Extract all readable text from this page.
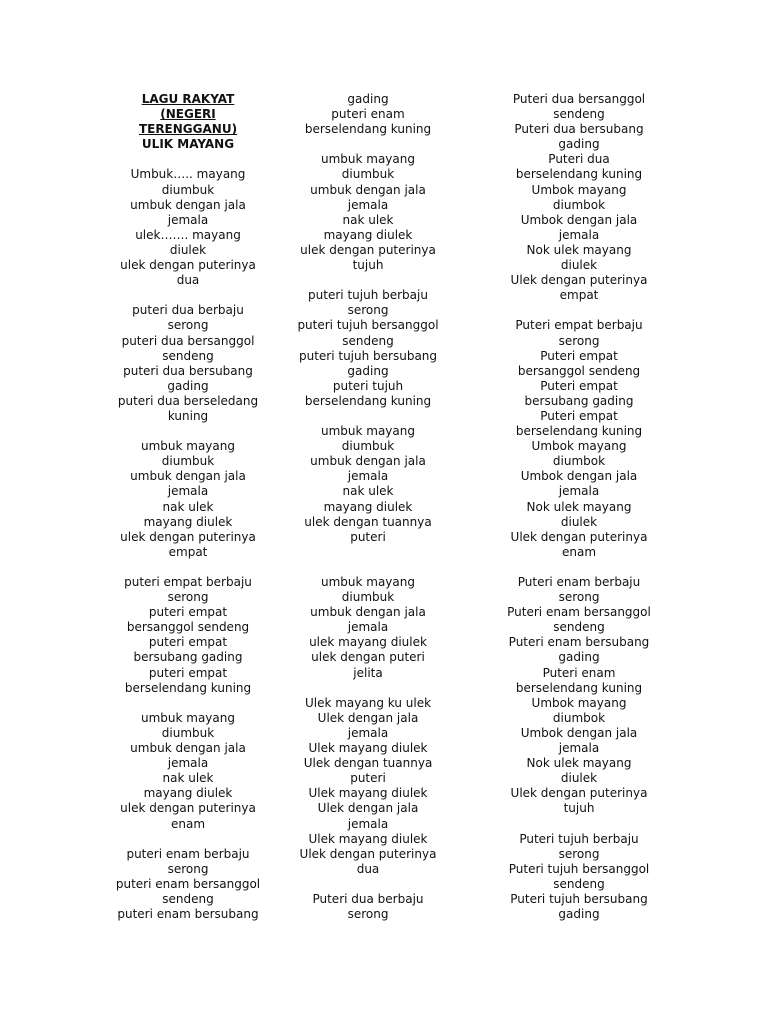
LAGU RAKYAT
(NEGERI
TERENGGANU)
ULIK MAYANG
Umbuk….. mayang
diumbuk
umbuk dengan jala
jemala
ulek……. mayang
diulek
ulek dengan puterinya
dua
puteri dua berbaju
serong
puteri dua bersanggol
sendeng
puteri dua bersubang
gading
puteri dua berseledang
kuning
umbuk mayang
diumbuk
umbuk dengan jala
jemala
nak ulek
mayang diulek
ulek dengan puterinya
empat
puteri empat berbaju
serong
puteri empat
bersanggol sendeng
puteri empat
bersubang gading
puteri empat
berselendang kuning
umbuk mayang
diumbuk
umbuk dengan jala
jemala
nak ulek
mayang diulek
ulek dengan puterinya
enam
puteri enam berbaju
serong
puteri enam bersanggol
sendeng
puteri enam bersubang
gading
puteri enam
berselendang kuning
umbuk mayang
diumbuk
umbuk dengan jala
jemala
nak ulek
mayang diulek
ulek dengan puterinya
tujuh
puteri tujuh berbaju
serong
puteri tujuh bersanggol
sendeng
puteri tujuh bersubang
gading
puteri tujuh
berselendang kuning
umbuk mayang
diumbuk
umbuk dengan jala
jemala
nak ulek
mayang diulek
ulek dengan tuannya
puteri
umbuk mayang
diumbuk
umbuk dengan jala
jemala
ulek mayang diulek
ulek dengan puteri
jelita
Ulek mayang ku ulek
Ulek dengan jala
jemala
Ulek mayang diulek
Ulek dengan tuannya
puteri
Ulek mayang diulek
Ulek dengan jala
jemala
Ulek mayang diulek
Ulek dengan puterinya
dua
Puteri dua berbaju
serong
Puteri dua bersanggol
sendeng
Puteri dua bersubang
gading
Puteri dua
berselendang kuning
Umbok mayang
diumbok
Umbok dengan jala
jemala
Nok ulek mayang
diulek
Ulek dengan puterinya
empat
Puteri empat berbaju
serong
Puteri empat
bersanggol sendeng
Puteri empat
bersubang gading
Puteri empat
berselendang kuning
Umbok mayang
diumbok
Umbok dengan jala
jemala
Nok ulek mayang
diulek
Ulek dengan puterinya
enam
Puteri enam berbaju
serong
Puteri enam bersanggol
sendeng
Puteri enam bersubang
gading
Puteri enam
berselendang kuning
Umbok mayang
diumbok
Umbok dengan jala
jemala
Nok ulek mayang
diulek
Ulek dengan puterinya
tujuh
Puteri tujuh berbaju
serong
Puteri tujuh bersanggol
sendeng
Puteri tujuh bersubang
gading
